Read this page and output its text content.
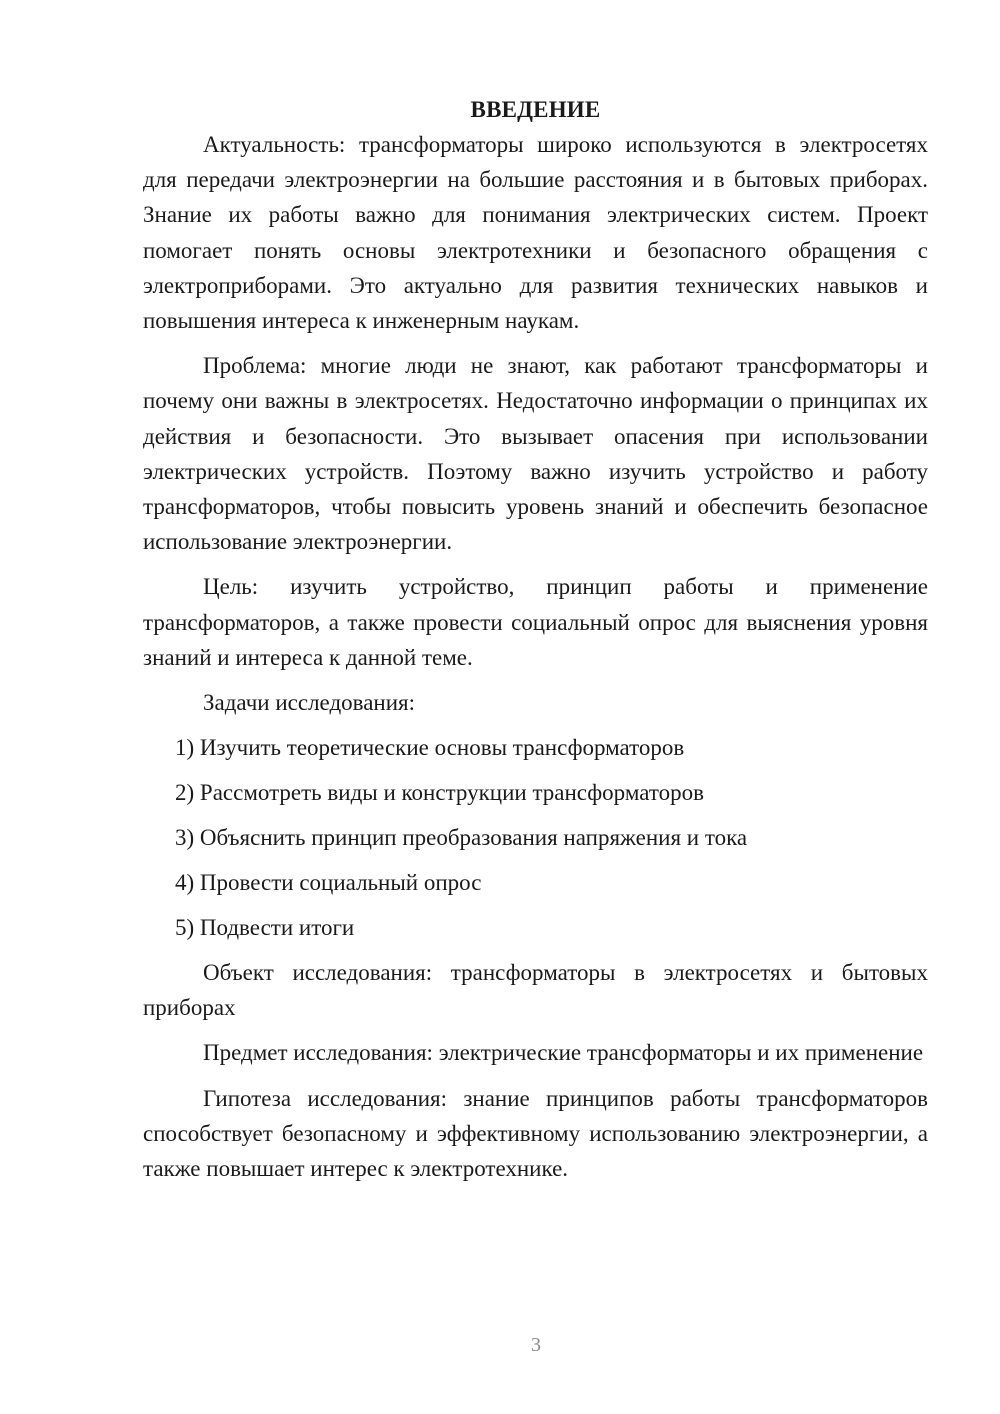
ВВЕДЕНИЕ

Актуальность: трансформаторы широко используются в электросетях для передачи электроэнергии на большие расстояния и в бытовых приборах. Знание их работы важно для понимания электрических систем. Проект помогает понять основы электротехники и безопасного обращения с электроприборами. Это актуально для развития технических навыков и повышения интереса к инженерным наукам.

Проблема: многие люди не знают, как работают трансформаторы и почему они важны в электросетях. Недостаточно информации о принципах их действия и безопасности. Это вызывает опасения при использовании электрических устройств. Поэтому важно изучить устройство и работу трансформаторов, чтобы повысить уровень знаний и обеспечить безопасное использование электроэнергии.

Цель: изучить устройство, принцип работы и применение трансформаторов, а также провести социальный опрос для выяснения уровня знаний и интереса к данной теме.

Задачи исследования:
1) Изучить теоретические основы трансформаторов
2) Рассмотреть виды и конструкции трансформаторов
3) Объяснить принцип преобразования напряжения и тока
4) Провести социальный опрос
5) Подвести итоги

Объект исследования: трансформаторы в электросетях и бытовых приборах

Предмет исследования: электрические трансформаторы и их применение

Гипотеза исследования: знание принципов работы трансформаторов способствует безопасному и эффективному использованию электроэнергии, а также повышает интерес к электротехнике.

3
